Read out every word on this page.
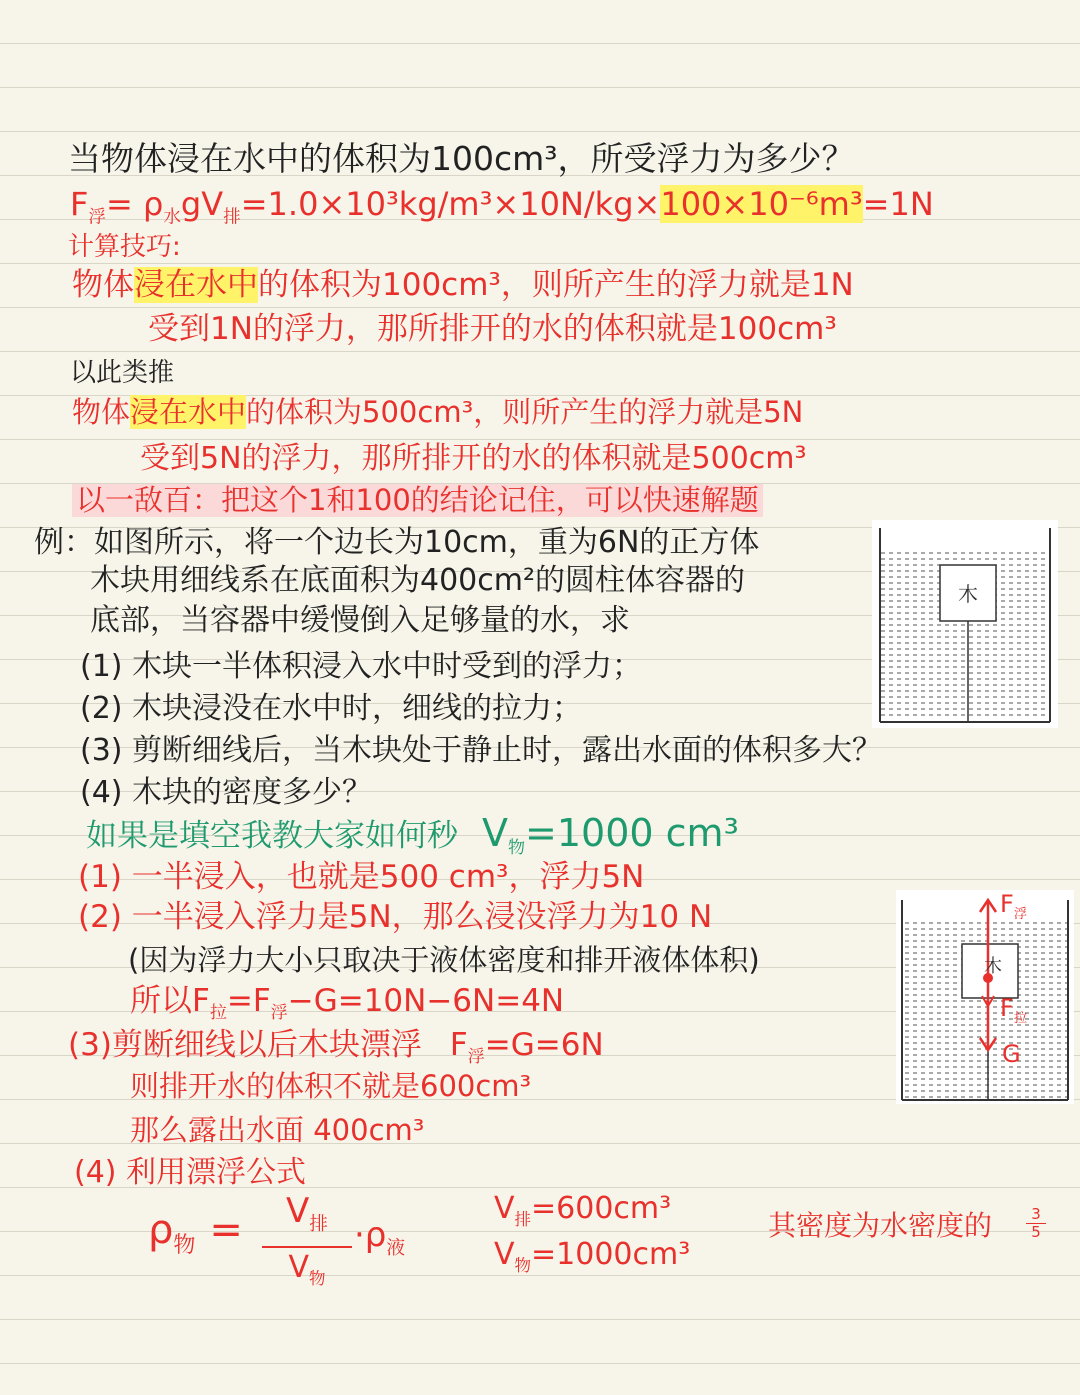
当物体浸在水中的体积为100cm³，所受浮力为多少？
$F_浮= \rho_水gV_排=1.0\times 10^3kg/m^3\times 10N/kg\times 100\times 10^{-6}m^3=1N$
计算技巧:
物体浸在水中的体积为100cm³，则所产生的浮力就是1N
受到1N的浮力，那所排开的水的体积就是100cm³
以此类推
物体浸在水中的体积为500cm³，则所产生的浮力就是5N
受到5N的浮力，那所排开的水的体积就是500cm³
以一敌百：把这个1和100的结论记住，可以快速解题
例：如图所示，将一个边长为10cm，重为6N的正方体
木块用细线系在底面积为400cm²的圆柱体容器的
底部，当容器中缓慢倒入足够量的水，求
(1) 木块一半体积浸入水中时受到的浮力；
(2) 木块浸没在水中时，细线的拉力；
(3) 剪断细线后，当木块处于静止时，露出水面的体积多大？
(4) 木块的密度多少？
木
如果是填空我教大家如何秒 $V_物=1000$ cm³
(1) 一半浸入，也就是500 cm³，浮力5N
(2) 一半浸入浮力是5N，那么浸没浮力为10 N
(因为浮力大小只取决于液体密度和排开液体体积)
所以$F_拉=F_浮-G=10N-6N=4N$
(3)剪断细线以后木块漂浮 $F_浮=G=6N$
则排开水的体积不就是600cm³
那么露出水面 400cm³
(4) 利用漂浮公式
木
$F_浮$
$F_拉$
G
$\rho_物$ =	$V_排$
$V_物$
$\cdot\rho_液$
$V_排=600cm^3$
$V_物=1000cm^3$
其密度为水密度的	3
5
